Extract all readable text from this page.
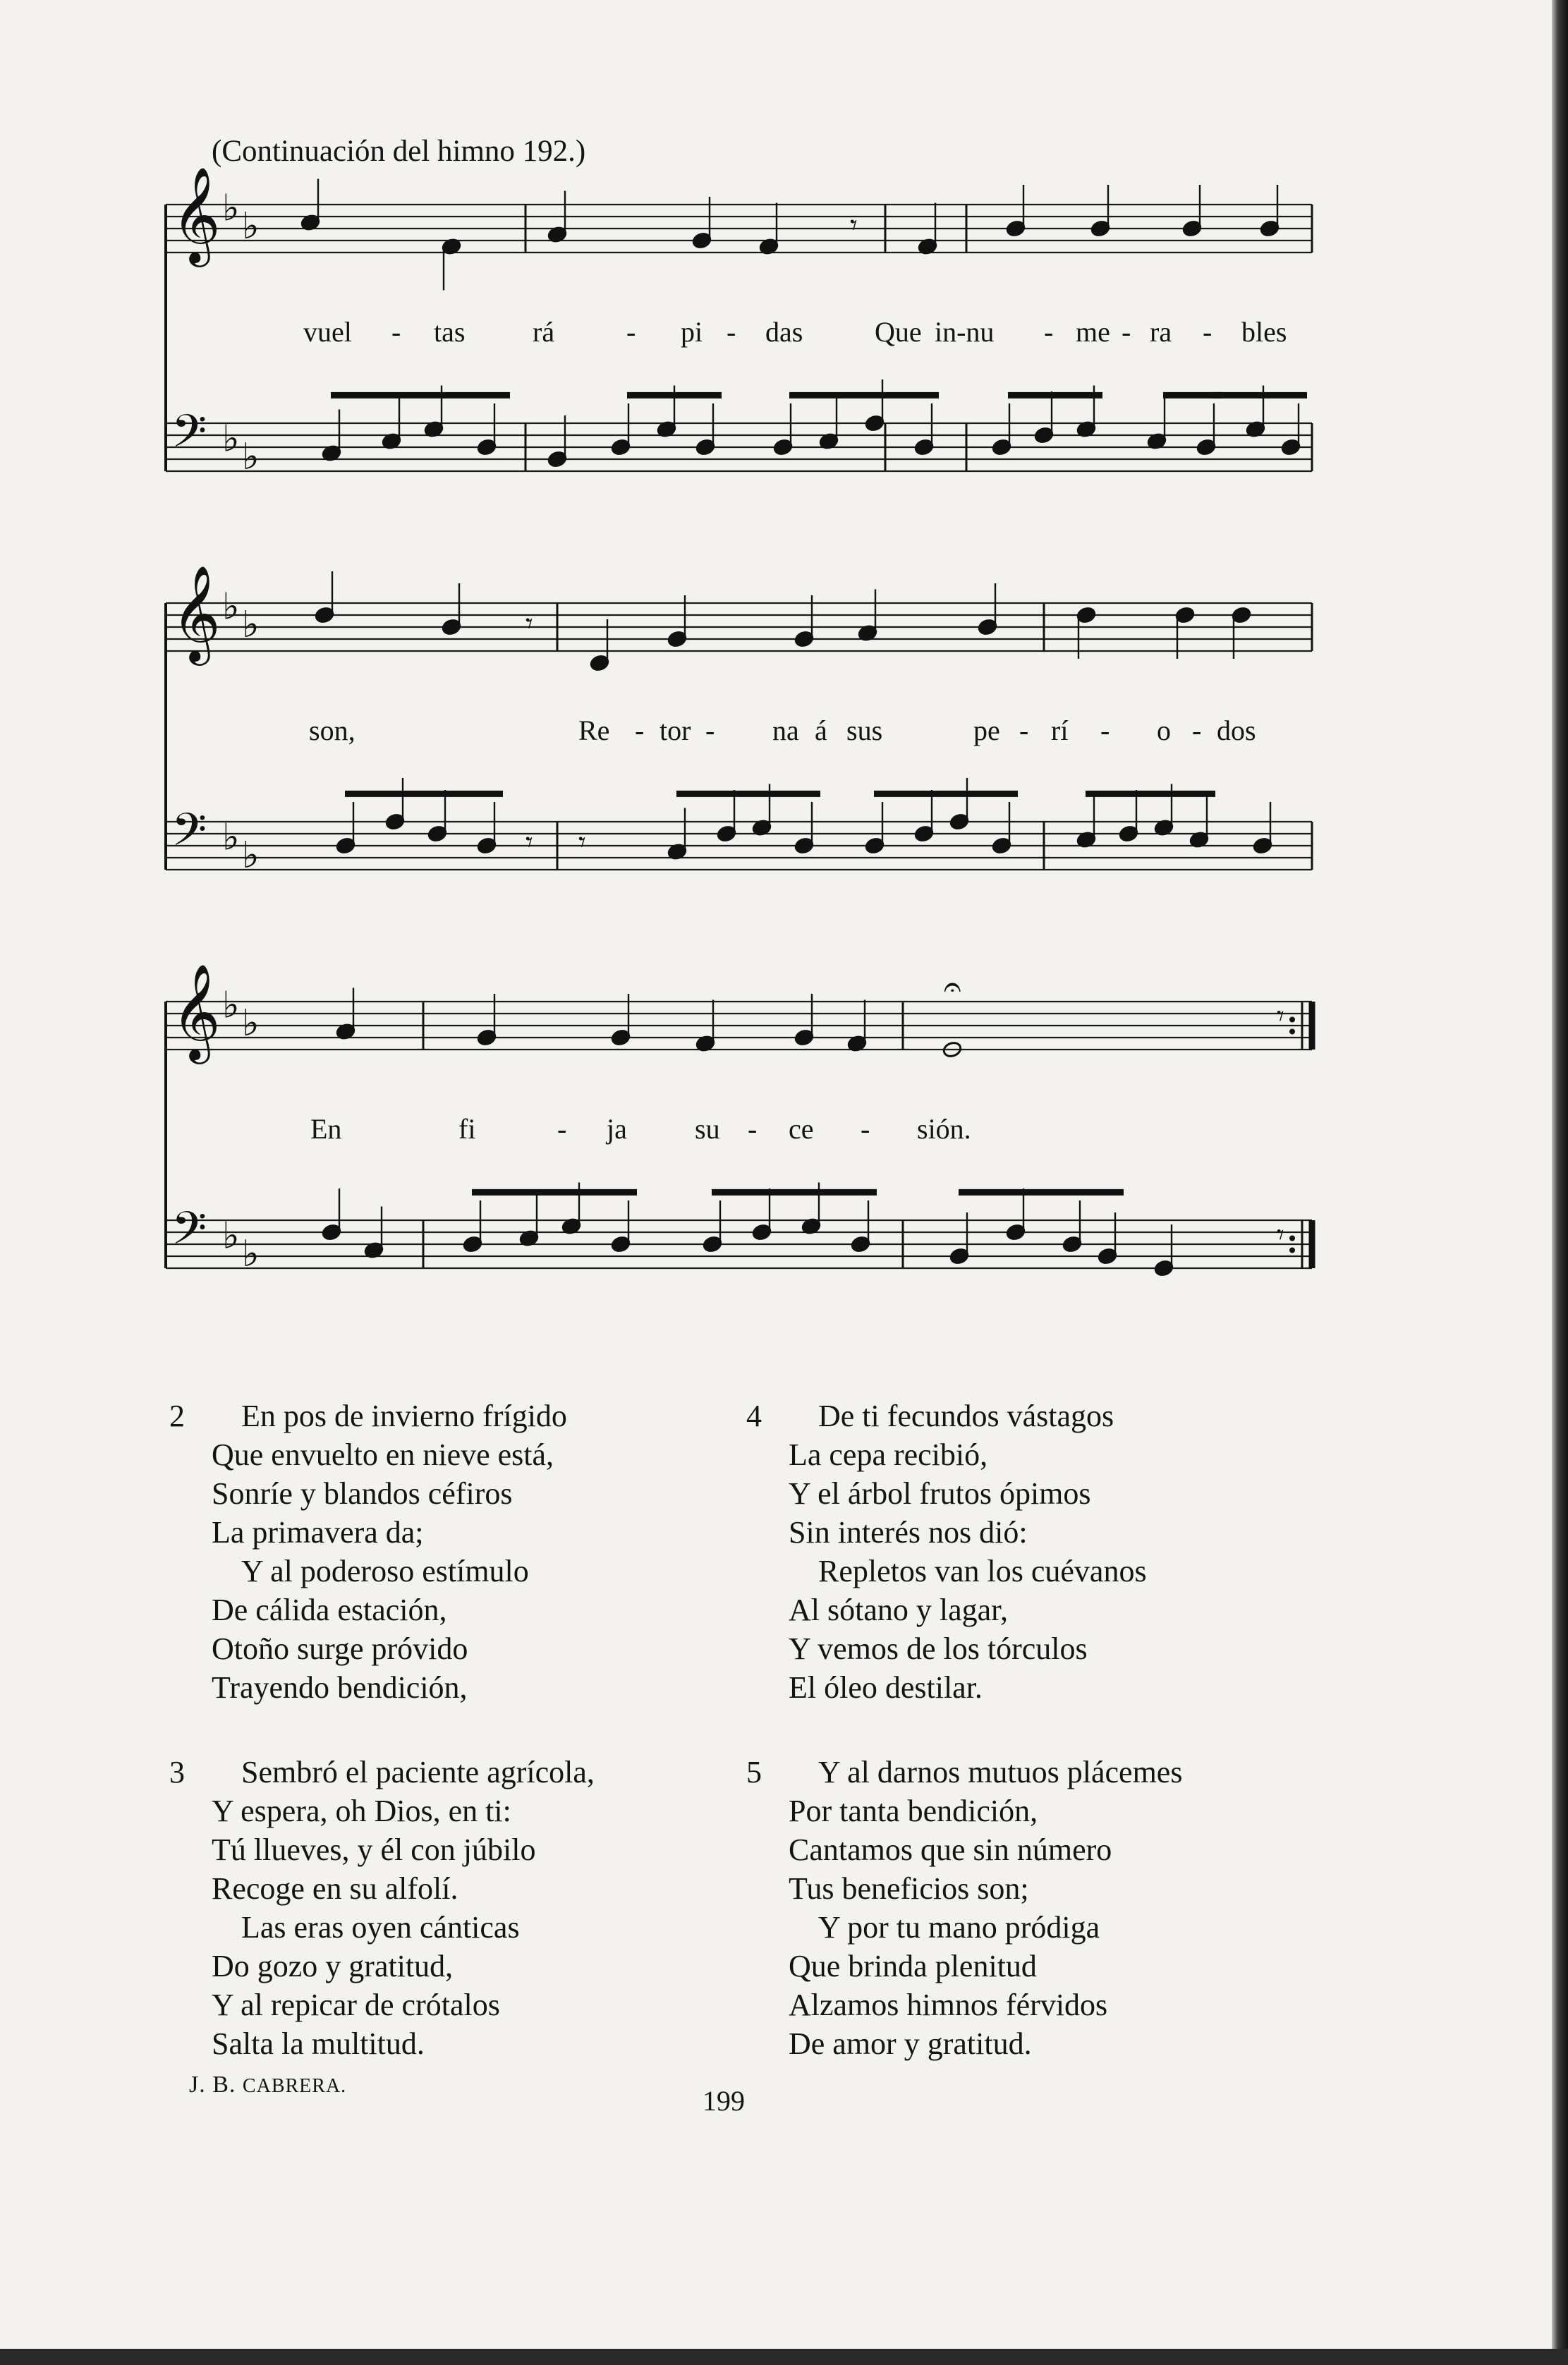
(Continuación del himno 192.)
𝄞 ♭ ♭
𝄢 ♭ ♭
𝄾
𝄞 ♭ ♭
𝄢 ♭ ♭
𝄾
𝄾 𝄾
𝄞 ♭ ♭
𝄢 ♭ ♭
𝄾
𝄾
𝄐
vuel - tas rá	- pi - das	Que in-nu - me - ra - bles
son,	Re - tor - na á sus	pe - rí - o - dos
En	fi	- ja su - ce - sión.
2	En pos de invierno frígido
Que envuelto en nieve está,
Sonríe y blandos céfiros
La primavera da;
Y al poderoso estímulo
De cálida estación,
Otoño surge próvido
Trayendo bendición,
3	Sembró el paciente agrícola,
Y espera, oh Dios, en ti:
Tú llueves, y él con júbilo
Recoge en su alfolí.
Las eras oyen cánticas
Do gozo y gratitud,
Y al repicar de crótalos
Salta la multitud.
4	De ti fecundos vástagos
La cepa recibió,
Y el árbol frutos ópimos
Sin interés nos dió:
Repletos van los cuévanos
Al sótano y lagar,
Y vemos de los tórculos
El óleo destilar.
5	Y al darnos mutuos plácemes
Por tanta bendición,
Cantamos que sin número
Tus beneficios son;
Y por tu mano pródiga
Que brinda plenitud
Alzamos himnos férvidos
De amor y gratitud.
J. B. CABRERA.	199
